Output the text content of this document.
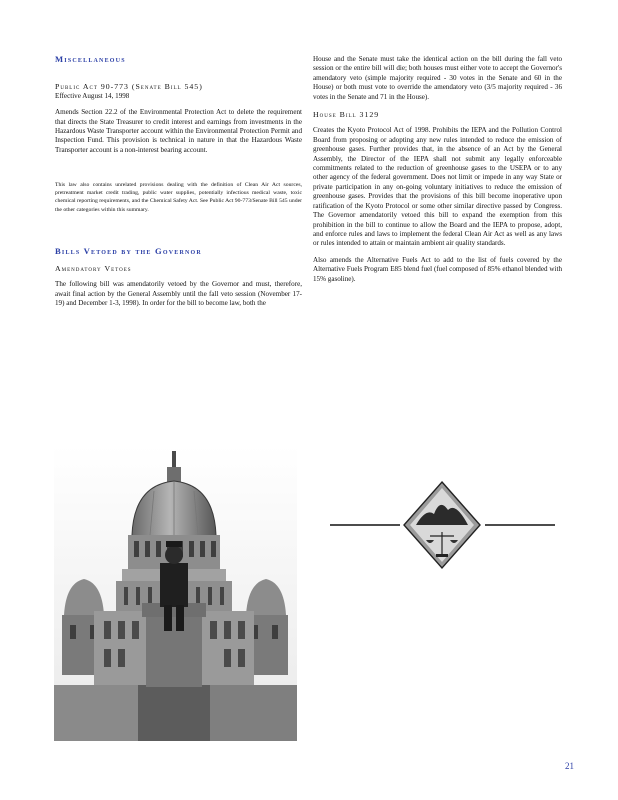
Miscellaneous

Public Act 90-773 (Senate Bill 545)

Effective August 14, 1998

Amends Section 22.2 of the Environmental Protection Act to delete the requirement that directs the State Treasurer to credit interest and earnings from investments in the Hazardous Waste Transporter account within the Environmental Protection Permit and Inspection Fund. This provision is technical in nature in that the Hazardous Waste Transporter account is a non-interest bearing account.

This law also contains unrelated provisions dealing with the definition of Clean Air Act sources, pretreatment market credit trading, public water supplies, potentially infectious medical waste, toxic chemical reporting requirements, and the Chemical Safety Act. See Public Act 90-773/Senate Bill 545 under the other categories within this summary.

Bills Vetoed by the Governor

Amendatory Vetoes

The following bill was amendatorily vetoed by the Governor and must, therefore, await final action by the General Assembly until the fall veto session (November 17-19) and December 1-3, 1998). In order for the bill to become law, both the

House and the Senate must take the identical action on the bill during the fall veto session or the entire bill will die; both houses must either vote to accept the Governor's amendatory veto (simple majority required - 30 votes in the Senate and 60 in the House) or both must vote to override the amendatory veto (3/5 majority required - 36 votes in the Senate and 71 in the House).

House Bill 3129

Creates the Kyoto Protocol Act of 1998. Prohibits the IEPA and the Pollution Control Board from proposing or adopting any new rules intended to reduce the emission of greenhouse gases. Further provides that, in the absence of an Act by the General Assembly, the Director of the IEPA shall not submit any legally enforceable commitments related to the reduction of greenhouse gases to the USEPA or to any other agency of the federal government. Does not limit or impede in any way State or private participation in any on-going voluntary initiatives to reduce the emission of greenhouse gases. Provides that the provisions of this bill become inoperative upon ratification of the Kyoto Protocol or some other similar directive passed by Congress. The Governor amendatorily vetoed this bill to expand the exemption from this prohibition in the bill to continue to allow the Board and the IEPA to propose, adopt, and enforce rules and laws to implement the federal Clean Air Act as well as any laws or rules intended to attain or maintain ambient air quality standards.

Also amends the Alternative Fuels Act to add to the list of fuels covered by the Alternative Fuels Program E85 blend fuel (fuel composed of 85% ethanol blended with 15% gasoline).

21
